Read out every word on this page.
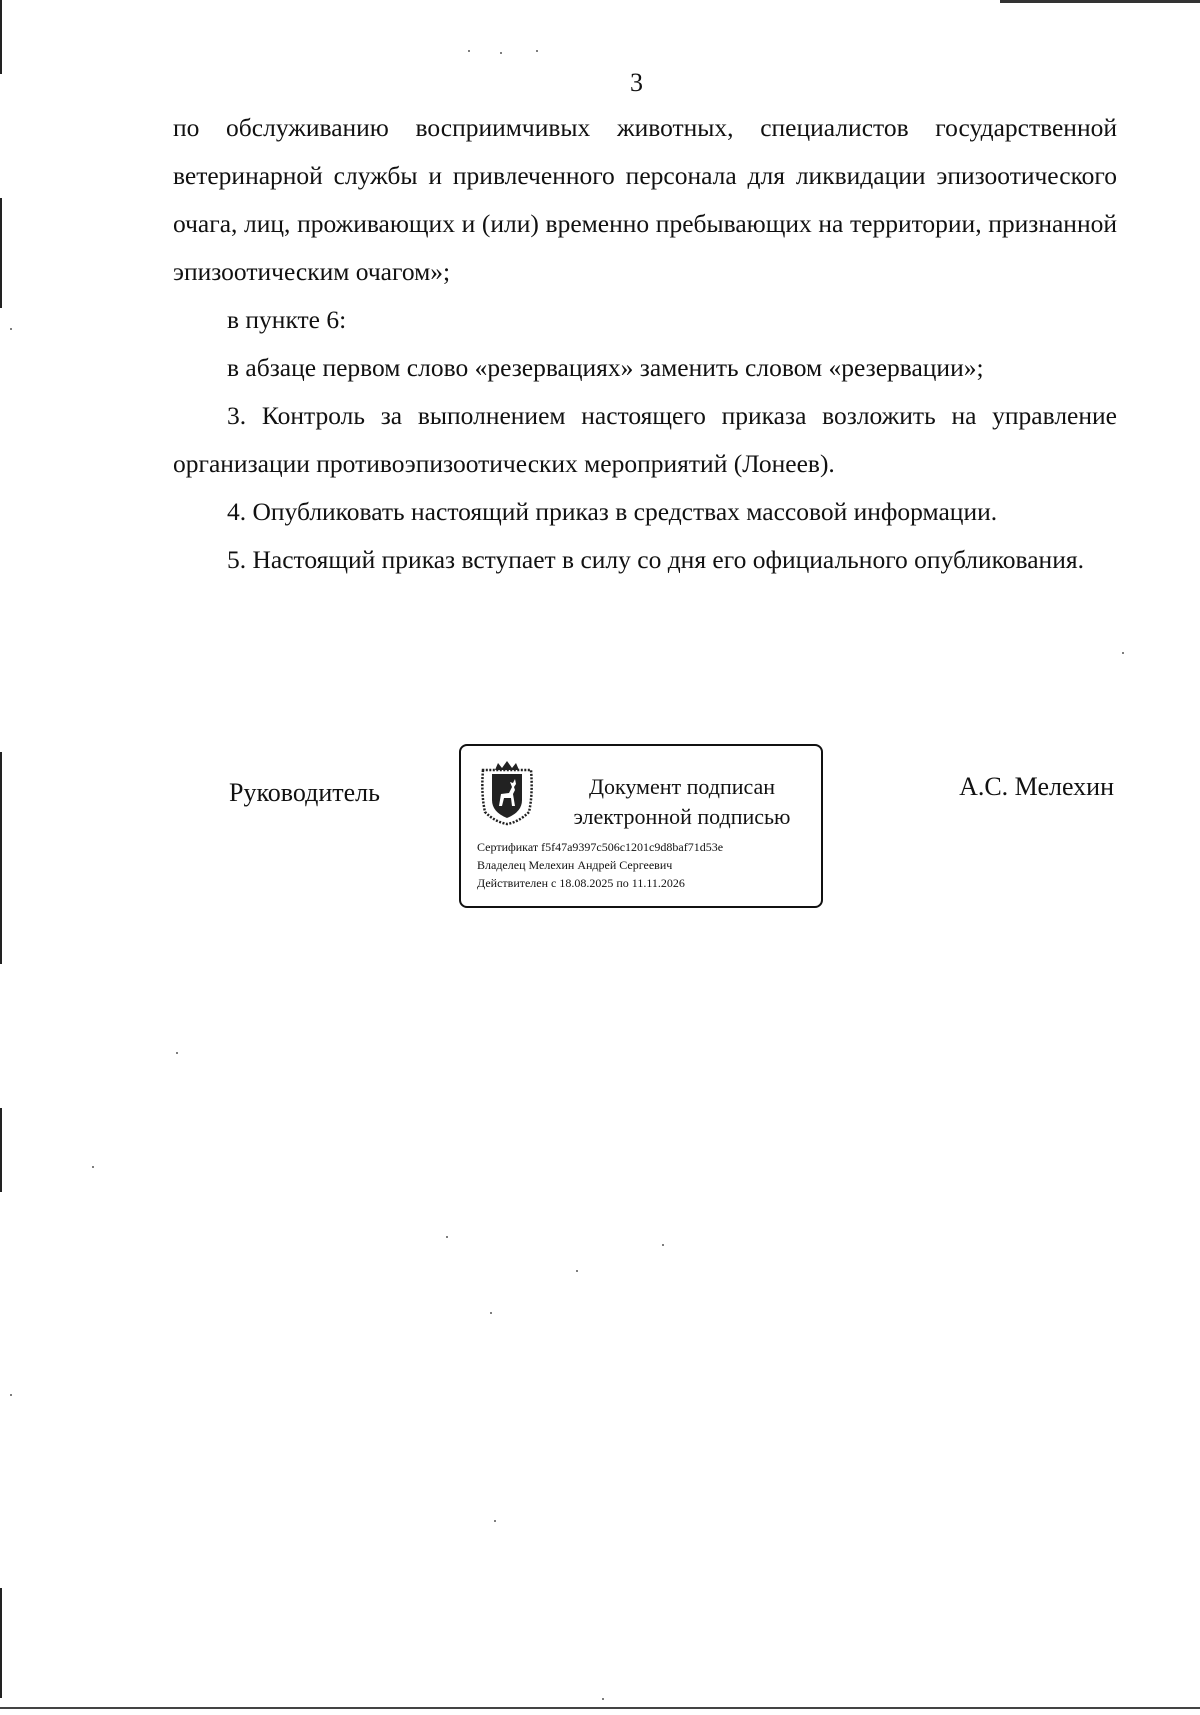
3

по обслуживанию восприимчивых животных, специалистов государственной ветеринарной службы и привлеченного персонала для ликвидации эпизоотического очага, лиц, проживающих и (или) временно пребывающих на территории, признанной эпизоотическим очагом»;

в пункте 6:

в абзаце первом слово «резервациях» заменить словом «резервации»;

3. Контроль за выполнением настоящего приказа возложить на управление организации противоэпизоотических мероприятий (Лонеев).

4. Опубликовать настоящий приказ в средствах массовой информации.

5. Настоящий приказ вступает в силу со дня его официального опубликования.

Руководитель	Документ подписан
электронной подписью
Сертификат f5f47a9397c506c1201c9d8baf71d53e
Владелец Мелехин Андрей Сергеевич
Действителен с 18.08.2025 по 11.11.2026
А.С. Мелехин
